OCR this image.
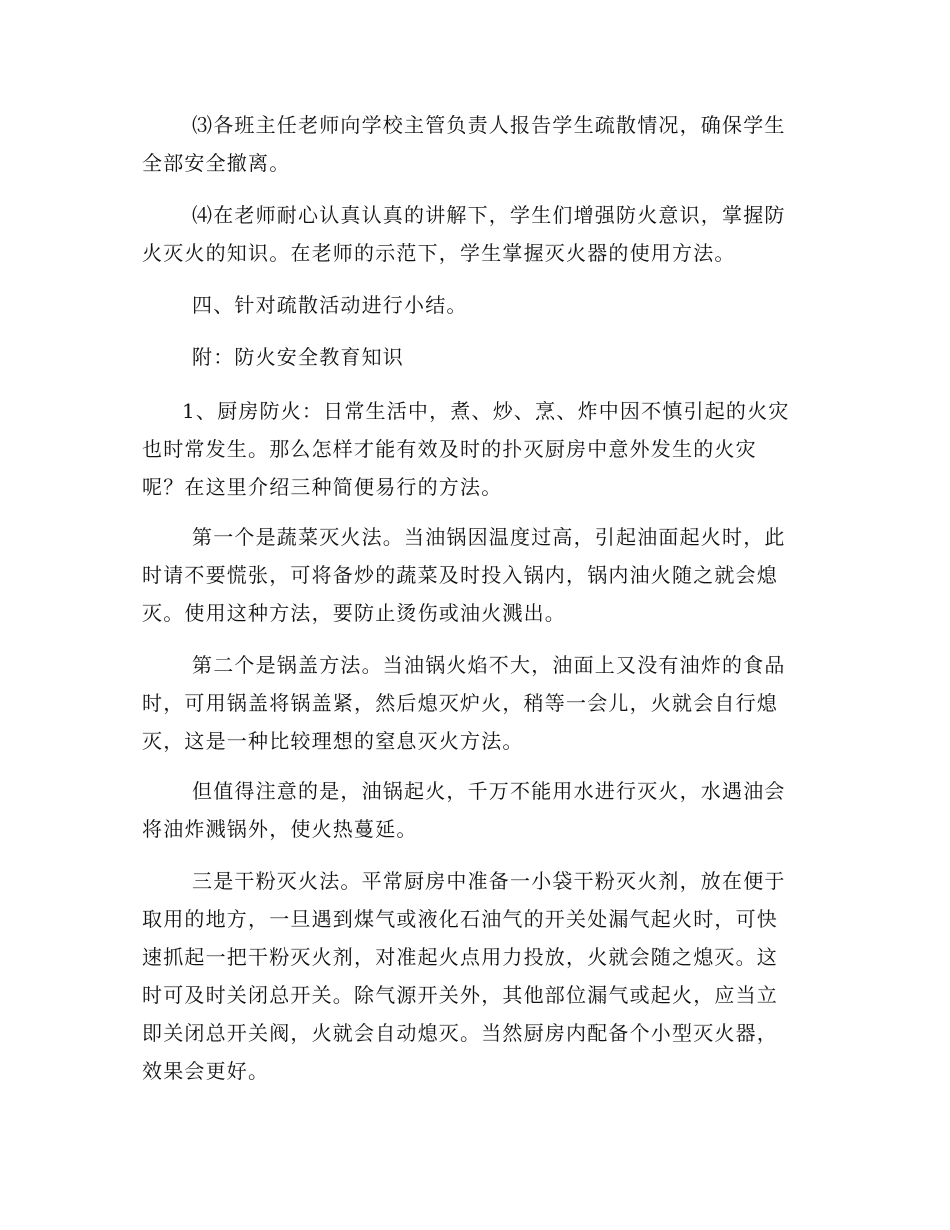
⑶各班主任老师向学校主管负责人报告学生疏散情况，确保学生
全部安全撤离。
⑷在老师耐心认真认真的讲解下，学生们增强防火意识，掌握防
火灭火的知识。在老师的示范下，学生掌握灭火器的使用方法。
四、针对疏散活动进行小结。
附：防火安全教育知识
1、厨房防火：日常生活中，煮、炒、烹、炸中因不慎引起的火灾
也时常发生。那么怎样才能有效及时的扑灭厨房中意外发生的火灾
呢？在这里介绍三种简便易行的方法。
第一个是蔬菜灭火法。当油锅因温度过高，引起油面起火时，此
时请不要慌张，可将备炒的蔬菜及时投入锅内，锅内油火随之就会熄
灭。使用这种方法，要防止烫伤或油火溅出。
第二个是锅盖方法。当油锅火焰不大，油面上又没有油炸的食品
时，可用锅盖将锅盖紧，然后熄灭炉火，稍等一会儿，火就会自行熄
灭，这是一种比较理想的窒息灭火方法。
但值得注意的是，油锅起火，千万不能用水进行灭火，水遇油会
将油炸溅锅外，使火热蔓延。
三是干粉灭火法。平常厨房中准备一小袋干粉灭火剂，放在便于
取用的地方，一旦遇到煤气或液化石油气的开关处漏气起火时，可快
速抓起一把干粉灭火剂，对准起火点用力投放，火就会随之熄灭。这
时可及时关闭总开关。除气源开关外，其他部位漏气或起火，应当立
即关闭总开关阀，火就会自动熄灭。当然厨房内配备个小型灭火器，
效果会更好。
